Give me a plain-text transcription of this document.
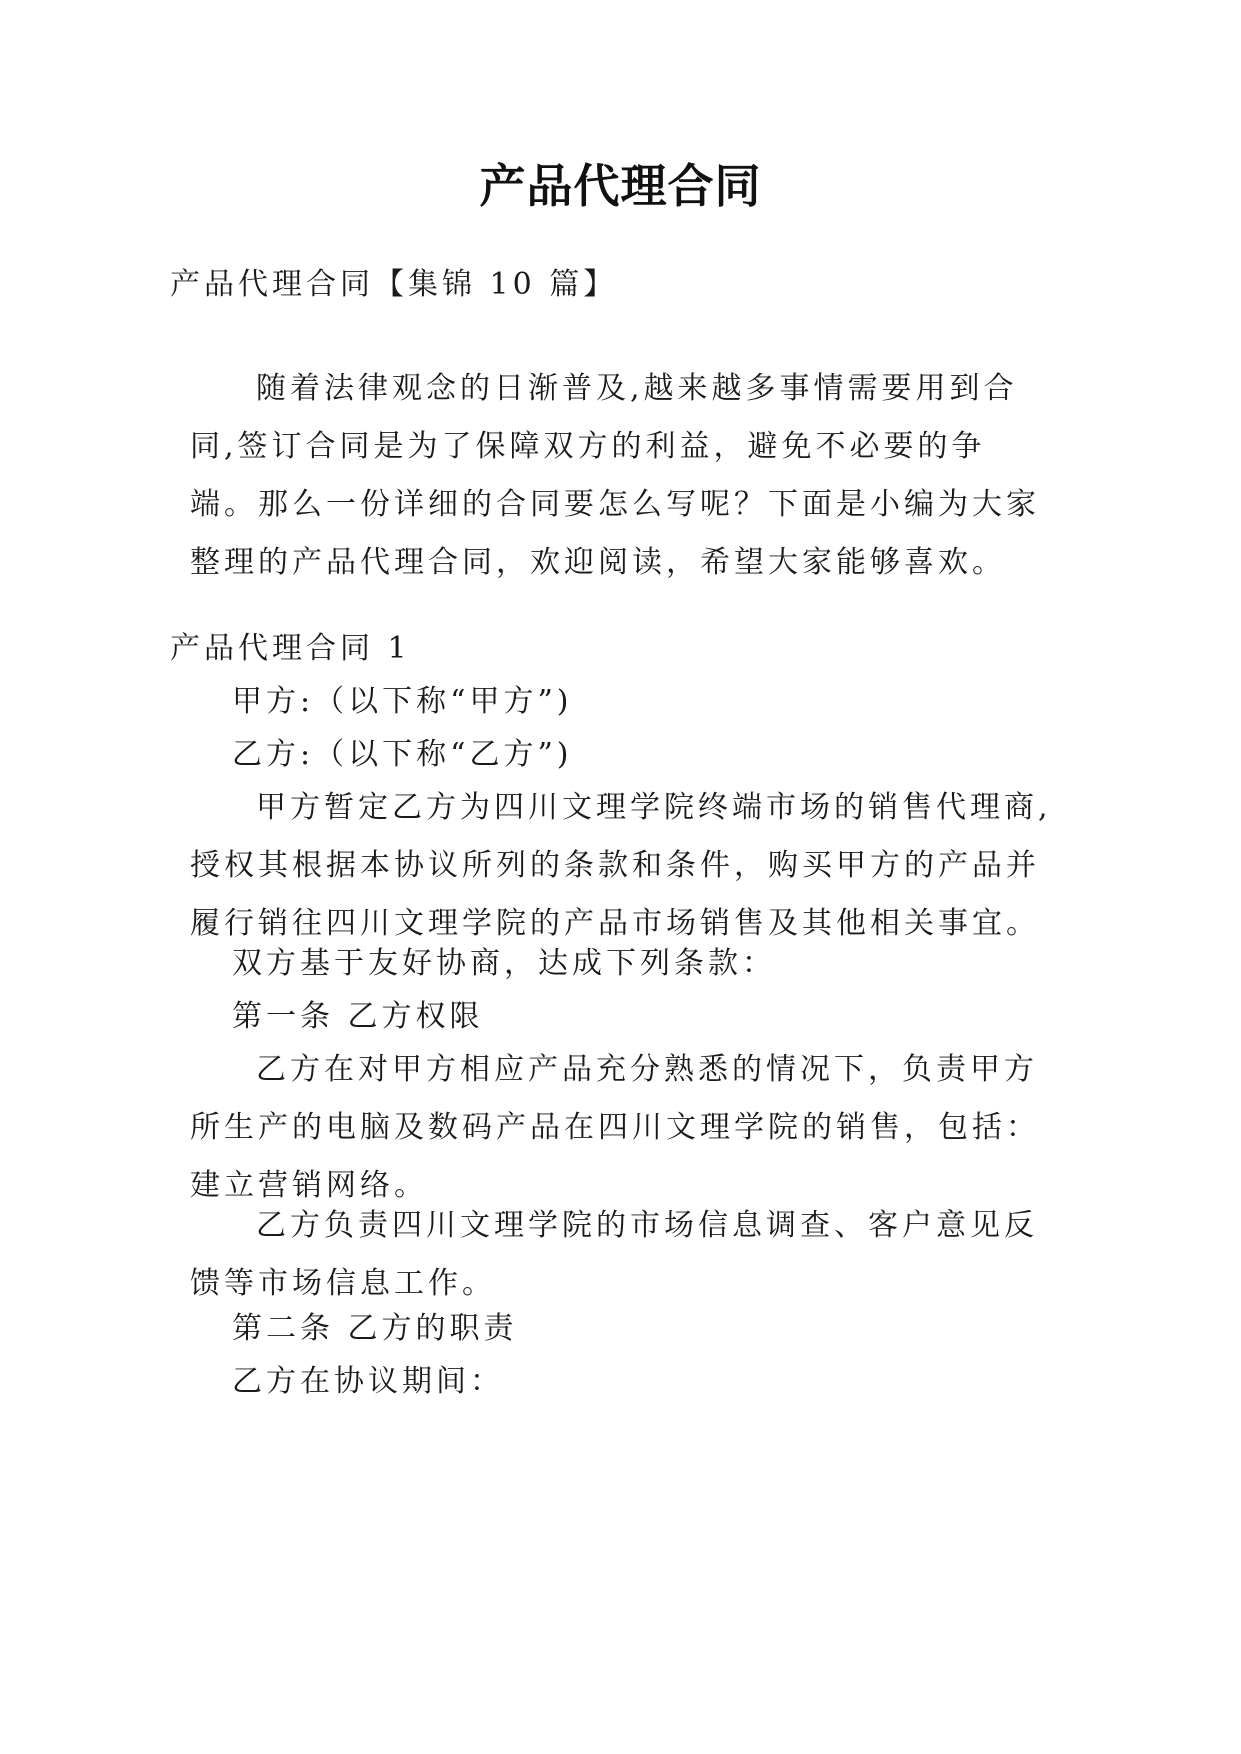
产品代理合同
产品代理合同【集锦 10 篇】

随着法律观念的日渐普及,越来越多事情需要用到合同,签订合同是为了保障双方的利益，避免不必要的争端。那么一份详细的合同要怎么写呢？下面是小编为大家整理的产品代理合同，欢迎阅读，希望大家能够喜欢。

产品代理合同 1
甲方:（以下称“甲方”)
乙方:（以下称“乙方”)

甲方暂定乙方为四川文理学院终端市场的销售代理商,授权其根据本协议所列的条款和条件，购买甲方的产品并履行销往四川文理学院的产品市场销售及其他相关事宜。

双方基于友好协商，达成下列条款：
第一条 乙方权限

乙方在对甲方相应产品充分熟悉的情况下，负责甲方所生产的电脑及数码产品在四川文理学院的销售，包括：建立营销网络。

乙方负责四川文理学院的市场信息调查、客户意见反馈等市场信息工作。

第二条 乙方的职责
乙方在协议期间：
